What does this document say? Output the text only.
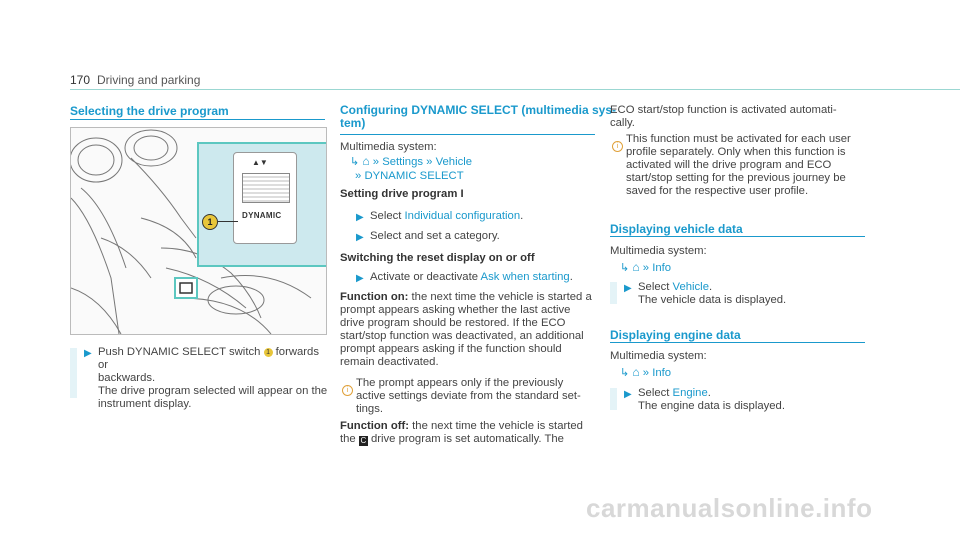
170 Driving and parking
Selecting the drive program
▲▼
DYNAMIC
1
▶ Push DYNAMIC SELECT switch 1 forwards or
backwards.
The drive program selected will appear on the
instrument display.
Configuring DYNAMIC SELECT (multimedia sys-
tem)
Multimedia system:
↳ ⌂ » Settings » Vehicle
» DYNAMIC SELECT
Setting drive program I
▶ Select Individual configuration.
▶ Select and set a category.
Switching the reset display on or off
▶ Activate or deactivate Ask when starting.
Function on: the next time the vehicle is started a
prompt appears asking whether the last active
drive program should be restored. If the ECO
start/stop function was deactivated, an additional
prompt appears asking if the function should
remain deactivated.
i
The prompt appears only if the previously
active settings deviate from the standard set-
tings.
Function off: the next time the vehicle is started
the C drive program is set automatically. The
ECO start/stop function is activated automati-
cally.
i
This function must be activated for each user
profile separately. Only when this function is
activated will the drive program and ECO
start/stop setting for the previous journey be
saved for the respective user profile.
Displaying vehicle data
Multimedia system:
↳ ⌂ » Info
▶ Select Vehicle.
The vehicle data is displayed.
Displaying engine data
Multimedia system:
↳ ⌂ » Info
▶ Select Engine.
The engine data is displayed.
carmanualsonline.info
